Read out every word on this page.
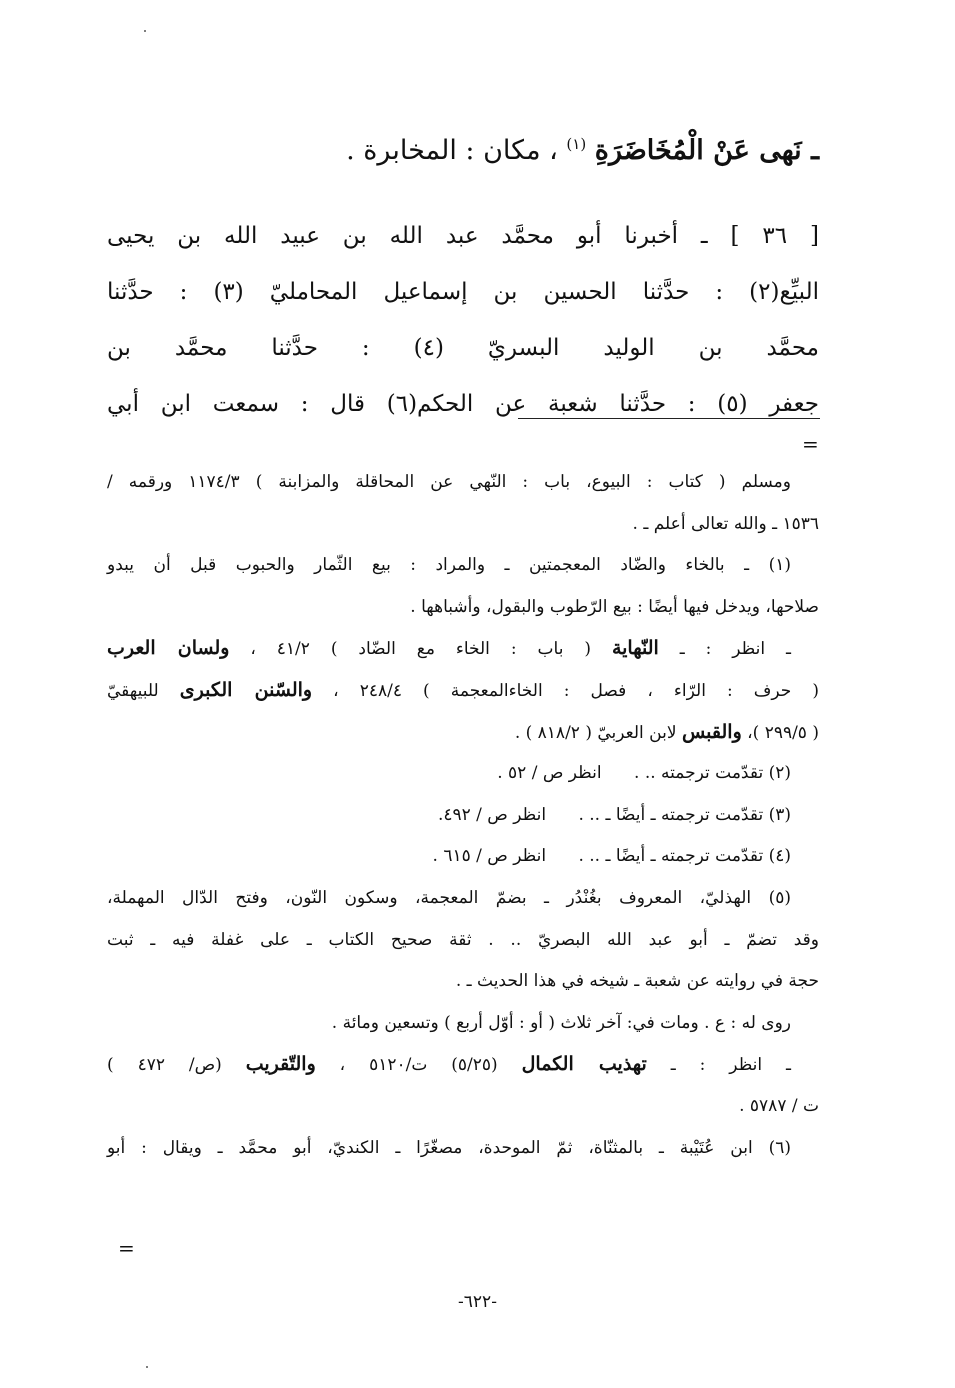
ـ نَهى عَنْ الْمُخَاضَرَةِ $^{(١)}$ ، مكان : المخابرة .

[ ٣٦ ] ـ أخبرنا أبو محمَّد عبد الله بن عبيد الله بن يحيى

البيِّع(٢) : حدَّثنا الحسين بن إسماعيل المحامليّ (٣) : حدَّثنا

محمَّد بن الوليد البسريّ (٤) : حدَّثنا محمَّد بن

جعفر (٥) : حدَّثنا شعبة عن الحكم(٦) قال : سمعت ابن أبي

=
ومسلم ( كتاب : البيوع، باب : النّهي عن المحاقلة والمزابنة ) ١١٧٤/٣ ورقمه /
١٥٣٦ ـ والله تعالى أعلم ـ .
(١) ـ بالخاء والضّاد المعجمتين ـ والمراد : بيع الثّمار والحبوب قبل أن يبدو
صلاحها، ويدخل فيها أيضًا : بيع الرّطوب والبقول، وأشباهها .
ـ انظر : ـ النّهاية ( باب : الخاء مع الضّاد ) ٤١/٢ ، ولسان العرب
( حرف : الرّاء ، فصل : الخاءالمعجمة ) ٢٤٨/٤ ، والسّنن الكبرى للبيهقيّ
( ٢٩٩/٥ )، والقبس لابن العربيّ ( ٨١٨/٢ ) .
(٢) تقدّمت ترجمته .. .      انظر ص / ٥٢ .
(٣) تقدّمت ترجمته ـ أيضًا ـ .. .      انظر ص / ٤٩٢.
(٤) تقدّمت ترجمته ـ أيضًا ـ .. .      انظر ص / ٦١٥ .
(٥) الهذليّ، المعروف بغُنْدُر ـ بضمّ المعجمة، وسكون النّون، وفتح الدّال المهملة،
وقد تضمّ ـ أبو عبد الله البصريّ .. . ثقة صحيح الكتاب ـ على غفلة فيه ـ ثبت
حجة في روايته عن شعبة ـ شيخه في هذا الحديث ـ .
روى له : ع . ومات في: آخر ثلاث ( أو : أوّل أربع ) وتسعين ومائة .
ـ انظر : ـ تهذيب الكمال (٥/٢٥) ت/٥١٢٠ ، والتّقريب (ص/ ٤٧٢ )
ت / ٥٧٨٧ .
(٦) ابن عُتَيْبة ـ بالمثنّاة، ثمّ الموحدة، مصغّرًا ـ الكنديّ، أبو محمَّد ـ ويقال : أبو
=
-٦٢٢-
